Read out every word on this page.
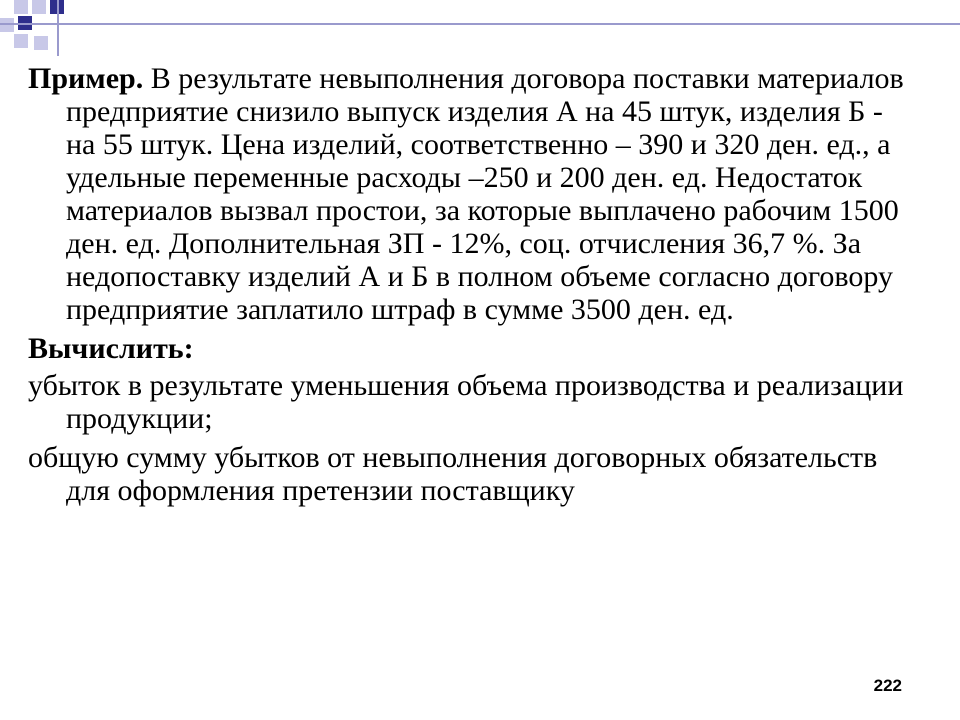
Пример. В результате невыполнения договора поставки материалов предприятие снизило выпуск изделия А на 45 штук, изделия Б - на 55 штук. Цена изделий, соответственно – 390 и 320 ден. ед., а удельные переменные расходы –250 и 200 ден. ед. Недостаток материалов вызвал простои, за которые выплачено рабочим 1500 ден. ед. Дополнительная ЗП - 12%, соц. отчисления 36,7 %. За недопоставку изделий А и Б в полном объеме согласно договору предприятие заплатило штраф в сумме 3500 ден. ед.

Вычислить:

убыток в результате уменьшения объема производства и реализации продукции;

общую сумму убытков от невыполнения договорных обязательств для оформления претензии поставщику

222
